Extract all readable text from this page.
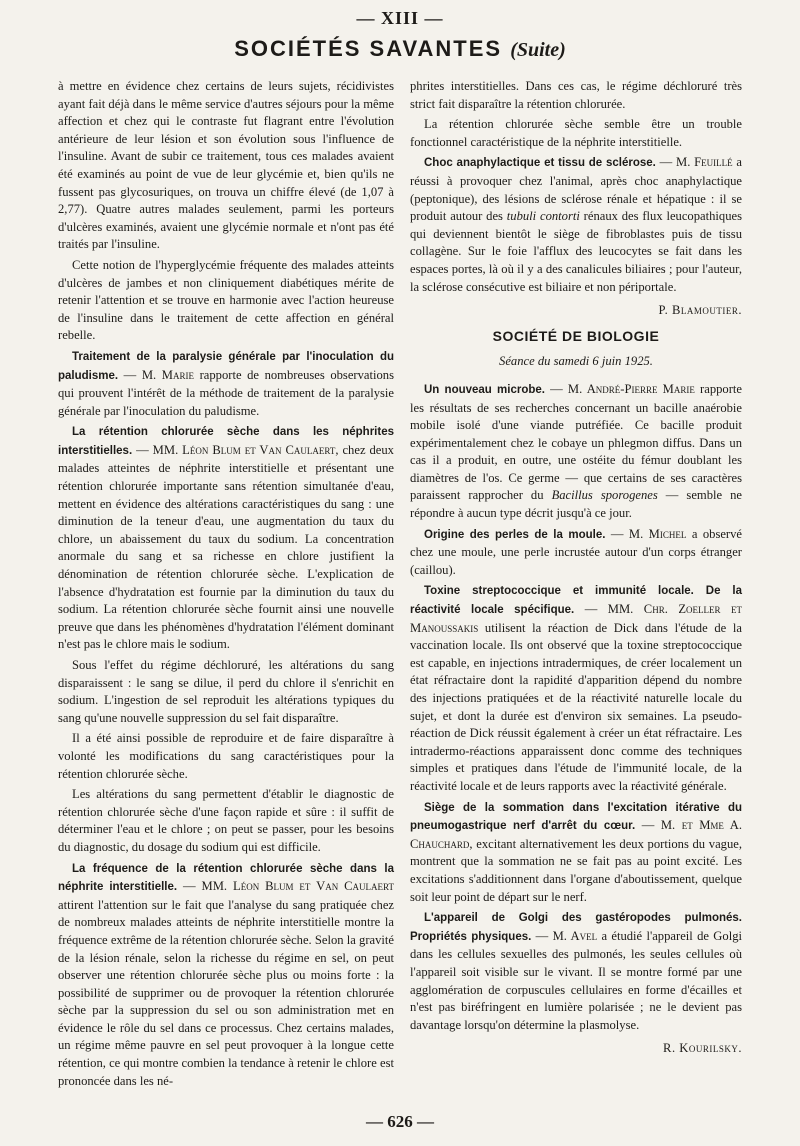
— XIII —
SOCIÉTÉS SAVANTES (Suite)

à mettre en évidence chez certains de leurs sujets, récidivistes ayant fait déjà dans le même service d'autres séjours pour la même affection et chez qui le contraste fut flagrant entre l'évolution antérieure de leur lésion et son évolution sous l'influence de l'insuline. Avant de subir ce traitement, tous ces malades avaient été examinés au point de vue de leur glycémie et, bien qu'ils ne fussent pas glycosuriques, on trouva un chiffre élevé (de 1,07 à 2,77). Quatre autres malades seulement, parmi les porteurs d'ulcères examinés, avaient une glycémie normale et n'ont pas été traités par l'insuline.

Cette notion de l'hyperglycémie fréquente des malades atteints d'ulcères de jambes et non cliniquement diabétiques mérite de retenir l'attention et se trouve en harmonie avec l'action heureuse de l'insuline dans le traitement de cette affection en général rebelle.

Traitement de la paralysie générale par l'inoculation du paludisme. — M. Marie rapporte de nombreuses observations qui prouvent l'intérêt de la méthode de traitement de la paralysie générale par l'inoculation du paludisme.

La rétention chlorurée sèche dans les néphrites interstitielles. — MM. Léon Blum et Van Caulaert, chez deux malades atteintes de néphrite interstitielle et présentant une rétention chlorurée importante sans rétention simultanée d'eau, mettent en évidence des altérations caractéristiques du sang : une diminution de la teneur d'eau, une augmentation du taux du chlore, un abaissement du taux du sodium. La concentration anormale du sang et sa richesse en chlore justifient la dénomination de rétention chlorurée sèche. L'explication de l'absence d'hydratation est fournie par la diminution du taux du sodium. La rétention chlorurée sèche fournit ainsi une nouvelle preuve que dans les phénomènes d'hydratation l'élément dominant n'est pas le chlore mais le sodium.

Sous l'effet du régime déchloruré, les altérations du sang disparaissent : le sang se dilue, il perd du chlore il s'enrichit en sodium. L'ingestion de sel reproduit les altérations typiques du sang qu'une nouvelle suppression du sel fait disparaître.

Il a été ainsi possible de reproduire et de faire disparaître à volonté les modifications du sang caractéristiques pour la rétention chlorurée sèche.

Les altérations du sang permettent d'établir le diagnostic de rétention chlorurée sèche d'une façon rapide et sûre : il suffit de déterminer l'eau et le chlore ; on peut se passer, pour les besoins du diagnostic, du dosage du sodium qui est difficile.

La fréquence de la rétention chlorurée sèche dans la néphrite interstitielle. — MM. Léon Blum et Van Caulaert attirent l'attention sur le fait que l'analyse du sang pratiquée chez de nombreux malades atteints de néphrite interstitielle montre la fréquence extrême de la rétention chlorurée sèche. Selon la gravité de la lésion rénale, selon la richesse du régime en sel, on peut observer une rétention chlorurée sèche plus ou moins forte : la possibilité de supprimer ou de provoquer la rétention chlorurée sèche par la suppression du sel ou son administration met en évidence le rôle du sel dans ce processus. Chez certains malades, un régime même pauvre en sel peut provoquer à la longue cette rétention, ce qui montre combien la tendance à retenir le chlore est prononcée dans les né-

phrites interstitielles. Dans ces cas, le régime déchloruré très strict fait disparaître la rétention chlorurée.

La rétention chlorurée sèche semble être un trouble fonctionnel caractéristique de la néphrite interstitielle.

Choc anaphylactique et tissu de sclérose. — M. Feuillé a réussi à provoquer chez l'animal, après choc anaphylactique (peptonique), des lésions de sclérose rénale et hépatique : il se produit autour des tubuli contorti rénaux des flux leucopathiques qui deviennent bientôt le siège de fibroblastes puis de tissu collagène. Sur le foie l'afflux des leucocytes se fait dans les espaces portes, là où il y a des canalicules biliaires ; pour l'auteur, la sclérose consécutive est biliaire et non périportale.

P. Blamoutier.

SOCIÉTÉ DE BIOLOGIE
Séance du samedi 6 juin 1925.

Un nouveau microbe. — M. André-Pierre Marie rapporte les résultats de ses recherches concernant un bacille anaérobie mobile isolé d'une viande putréfiée. Ce bacille produit expérimentalement chez le cobaye un phlegmon diffus. Dans un cas il a produit, en outre, une ostéite du fémur doublant les diamètres de l'os. Ce germe — que certains de ses caractères paraissent rapprocher du Bacillus sporogenes — semble ne répondre à aucun type décrit jusqu'à ce jour.

Origine des perles de la moule. — M. Michel a observé chez une moule, une perle incrustée autour d'un corps étranger (caillou).

Toxine streptococcique et immunité locale. De la réactivité locale spécifique. — MM. Chr. Zoeller et Manoussakis utilisent la réaction de Dick dans l'étude de la vaccination locale. Ils ont observé que la toxine streptococcique est capable, en injections intradermiques, de créer localement un état réfractaire dont la rapidité d'apparition dépend du nombre des injections pratiquées et de la réactivité naturelle locale du sujet, et dont la durée est d'environ six semaines. La pseudo-réaction de Dick réussit également à créer un état réfractaire. Les intradermo-réactions apparaissent donc comme des techniques simples et pratiques dans l'étude de l'immunité locale, de la réactivité locale et de leurs rapports avec la réactivité générale.

Siège de la sommation dans l'excitation itérative du pneumogastrique nerf d'arrêt du cœur. — M. et Mme A. Chauchard, excitant alternativement les deux portions du vague, montrent que la sommation ne se fait pas au point excité. Les excitations s'additionnent dans l'organe d'aboutissement, quelque soit leur point de départ sur le nerf.

L'appareil de Golgi des gastéropodes pulmonés. Propriétés physiques. — M. Avel a étudié l'appareil de Golgi dans les cellules sexuelles des pulmonés, les seules cellules où l'appareil soit visible sur le vivant. Il se montre formé par une agglomération de corpuscules cellulaires en forme d'écailles et n'est pas biréfringent en lumière polarisée ; ne le devient pas davantage lorsqu'on détermine la plasmolyse.

R. Kourilsky.

— 626 —
